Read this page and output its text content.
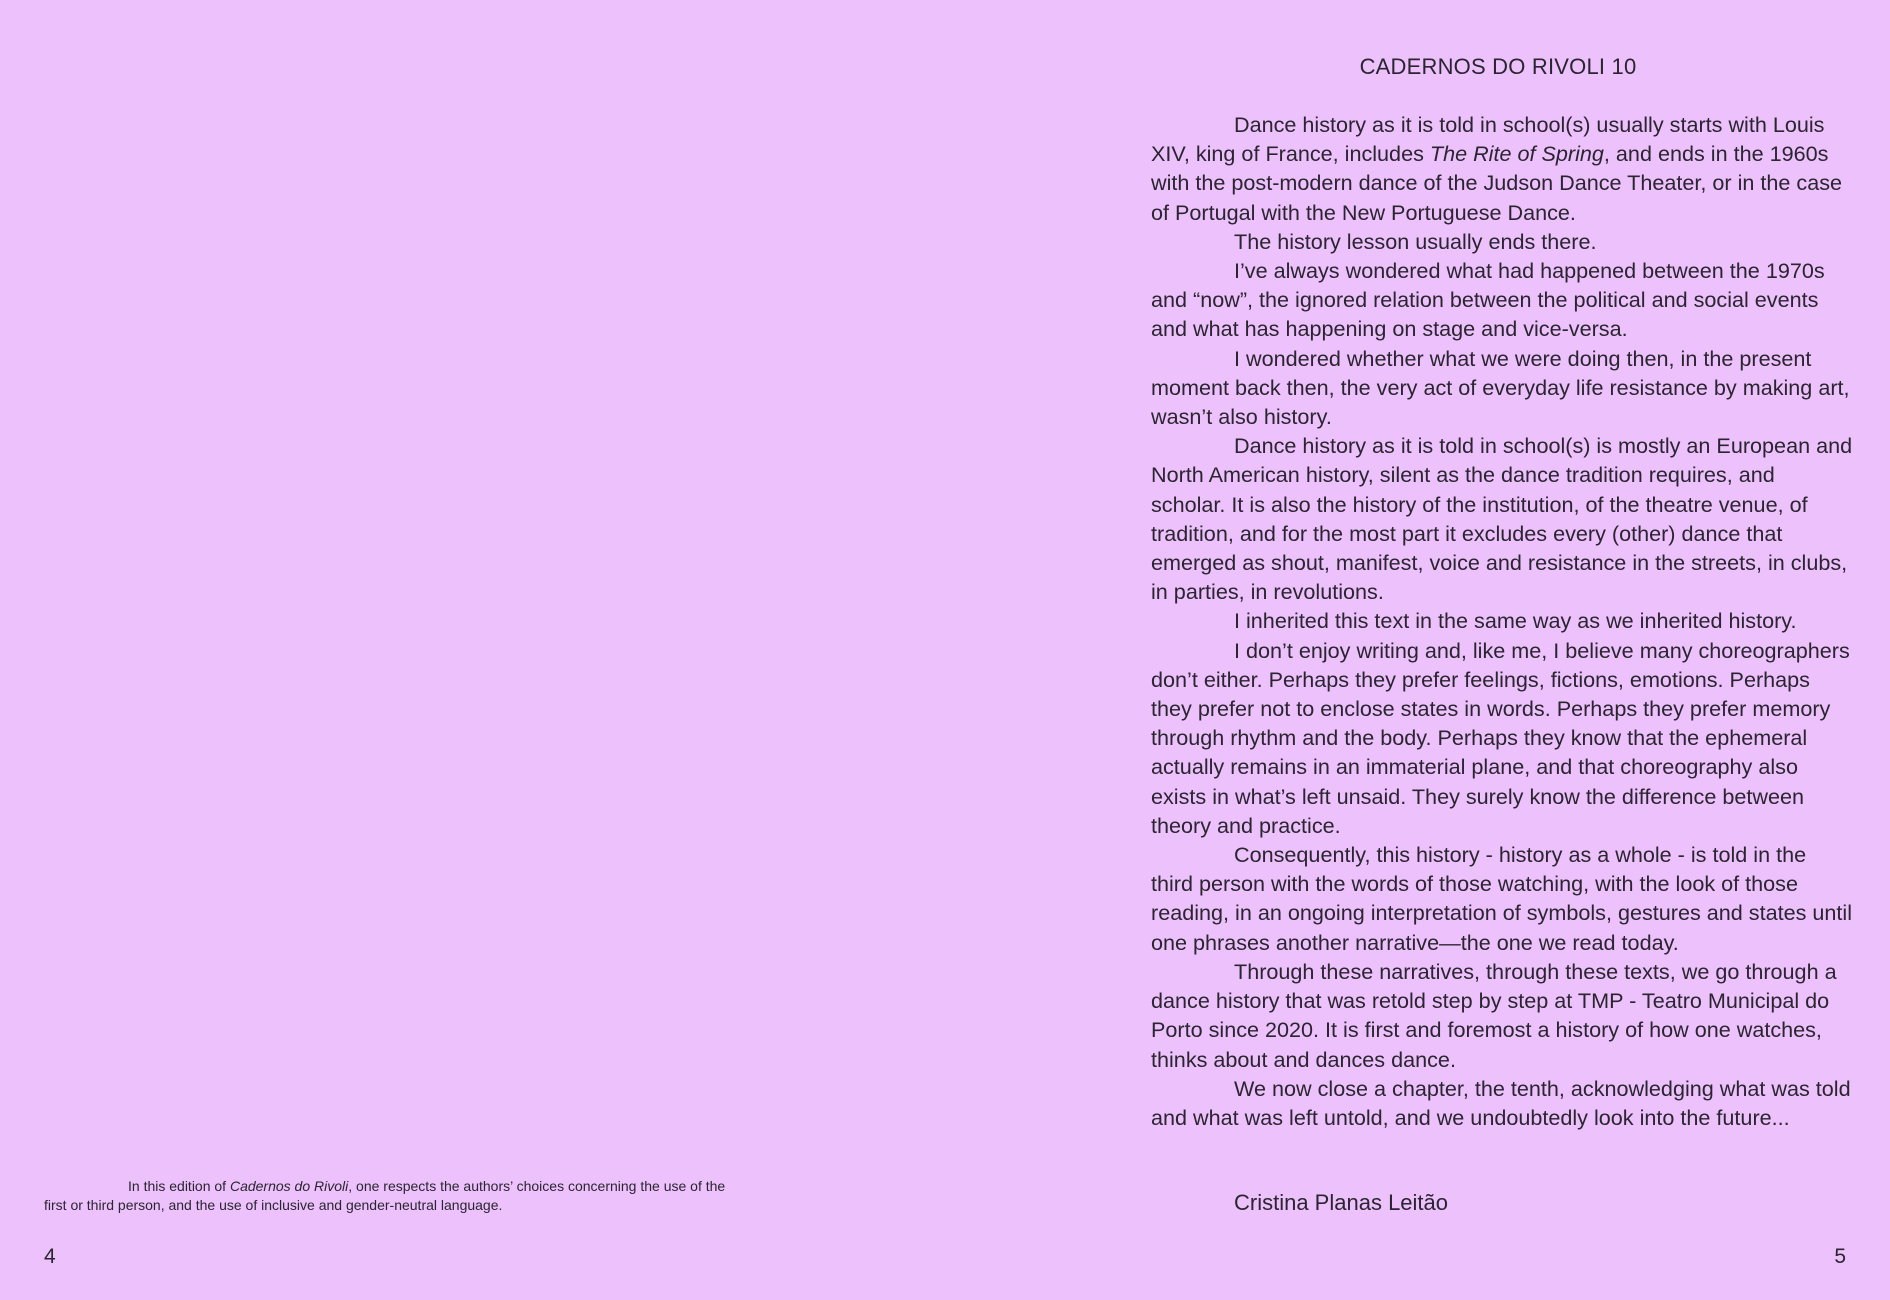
In this edition of Cadernos do Rivoli, one respects the authors’ choices concerning the use of the first or third person, and the use of inclusive and gender-neutral language.

4

CADERNOS DO RIVOLI 10

Dance history as it is told in school(s) usually starts with Louis XIV, king of France, includes The Rite of Spring, and ends in the 1960s with the post-modern dance of the Judson Dance Theater, or in the case of Portugal with the New Portuguese Dance.

The history lesson usually ends there.

I’ve always wondered what had happened between the 1970s and “now”, the ignored relation between the political and social events and what has happening on stage and vice-versa.

I wondered whether what we were doing then, in the present moment back then, the very act of everyday life resistance by making art, wasn’t also history.

Dance history as it is told in school(s) is mostly an European and North American history, silent as the dance tradition requires, and scholar. It is also the history of the institution, of the theatre venue, of tradition, and for the most part it excludes every (other) dance that emerged as shout, manifest, voice and resistance in the streets, in clubs, in parties, in revolutions.

I inherited this text in the same way as we inherited history.

I don’t enjoy writing and, like me, I believe many choreographers don’t either. Perhaps they prefer feelings, fictions, emotions. Perhaps they prefer not to enclose states in words. Perhaps they prefer memory through rhythm and the body. Perhaps they know that the ephemeral actually remains in an immaterial plane, and that choreography also exists in what’s left unsaid. They surely know the difference between theory and practice.

Consequently, this history - history as a whole - is told in the third person with the words of those watching, with the look of those reading, in an ongoing interpretation of symbols, gestures and states until one phrases another narrative—the one we read today.

Through these narratives, through these texts, we go through a dance history that was retold step by step at TMP - Teatro Municipal do Porto since 2020. It is first and foremost a history of how one watches, thinks about and dances dance.

We now close a chapter, the tenth, acknowledging what was told and what was left untold, and we undoubtedly look into the future...

Cristina Planas Leitão

5
